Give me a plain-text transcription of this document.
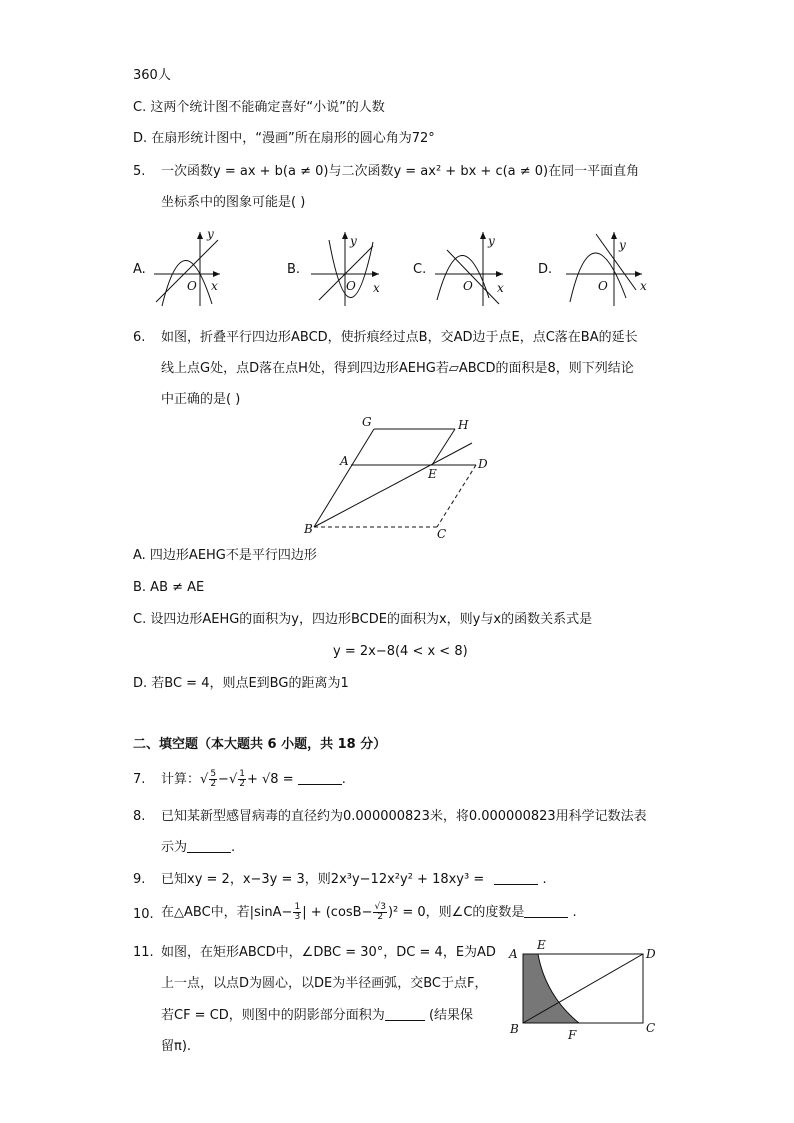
360人
C. 这两个统计图不能确定喜好“小说”的人数
D. 在扇形统计图中，“漫画”所在扇形的圆心角为72°
5. 一次函数y = ax + b(a ≠ 0)与二次函数y = ax² + bx + c(a ≠ 0)在同一平面直角
坐标系中的图象可能是( )
A.	B.	C.	D.
y
O x
y
O x
y
O x
y
O	x
6. 如图，折叠平行四边形ABCD，使折痕经过点B，交AD边于点E，点C落在BA的延长
线上点G处，点D落在点H处，得到四边形AEHG若▱ABCD的面积是8，则下列结论
中正确的是( )
G	H
A
E
D
B	C
A. 四边形AEHG不是平行四边形
B. AB ≠ AE
C. 设四边形AEHG的面积为y，四边形BCDE的面积为x，则y与x的函数关系式是
y = 2x−8(4 < x < 8)
D. 若BC = 4，则点E到BG的距离为1
二、填空题（本大题共 6 小题，共 18 分）
7. 计算：√ $\frac{5}{2}$ −√ $\frac{1}{2} + √8$ =	.
8. 已知某新型感冒病毒的直径约为0.000000823米，将0.000000823用科学记数法表
示为	.
9. 已知xy = 2，x−3y = 3，则2x³y−12x²y² + 18xy³ =	.
10. 在△ABC中，若$|\sin A- \frac{1}{3}$ | + $(\cos B- \frac{√3}{2} )^2 = 0$，则∠C的度数是	.
11. 如图，在矩形ABCD中，∠DBC = 30°，DC = 4，E为AD
上一点，以点D为圆心，以DE为半径画弧，交BC于点F，
若CF = CD，则图中的阴影部分面积为	(结果保
留π).
A
E
D
B	F	C
